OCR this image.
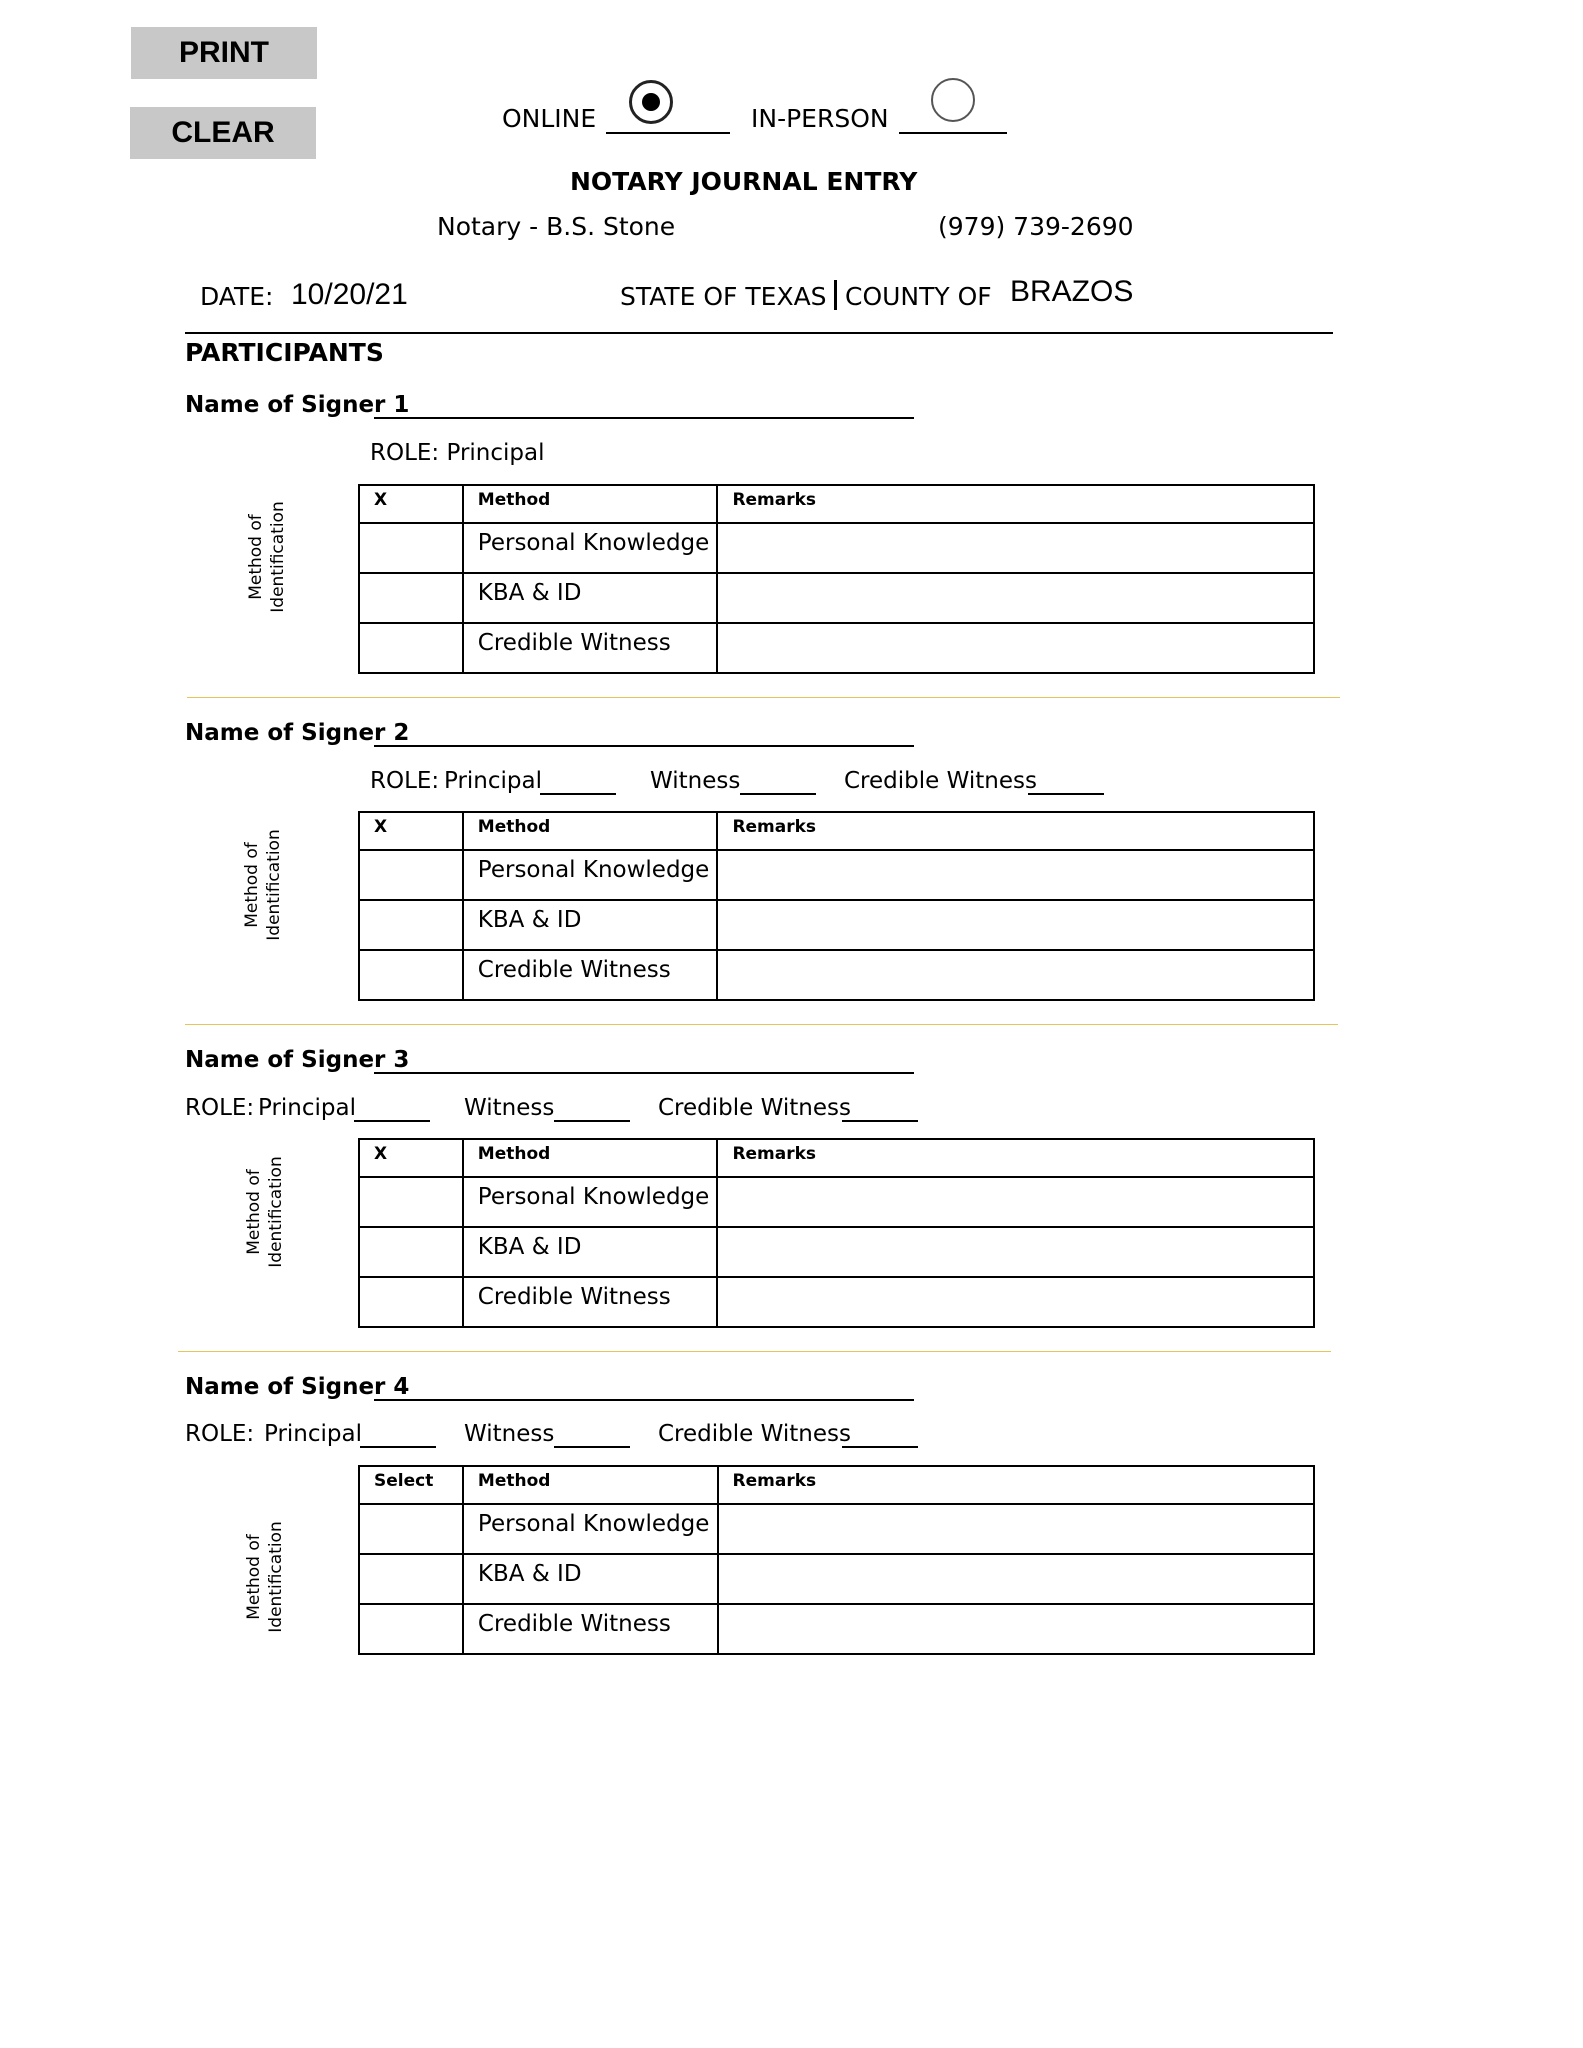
PRINT
CLEAR	ONLINE	IN-PERSON
NOTARY JOURNAL ENTRY
Notary - B.S. Stone	(979) 739-2690
DATE: 10/20/21	STATE OF TEXAS COUNTY OF BRAZOS
PARTICIPANTS
Name of Signer 1
ROLE: Principal
Method of Identification
X	Method	Remarks
	Personal Knowledge	
	KBA & ID	
	Credible Witness	
Name of Signer 2
ROLE: Principal	Witness	Credible Witness
Method of Identification
X	Method	Remarks
	Personal Knowledge	
	KBA & ID	
	Credible Witness	
Name of Signer 3
ROLE: Principal	Witness	Credible Witness
Method of Identification
X	Method	Remarks
	Personal Knowledge	
	KBA & ID	
	Credible Witness	
Name of Signer 4
ROLE: Principal	Witness	Credible Witness
Method of Identification
Select	Method	Remarks
	Personal Knowledge	
	KBA & ID	
	Credible Witness	
